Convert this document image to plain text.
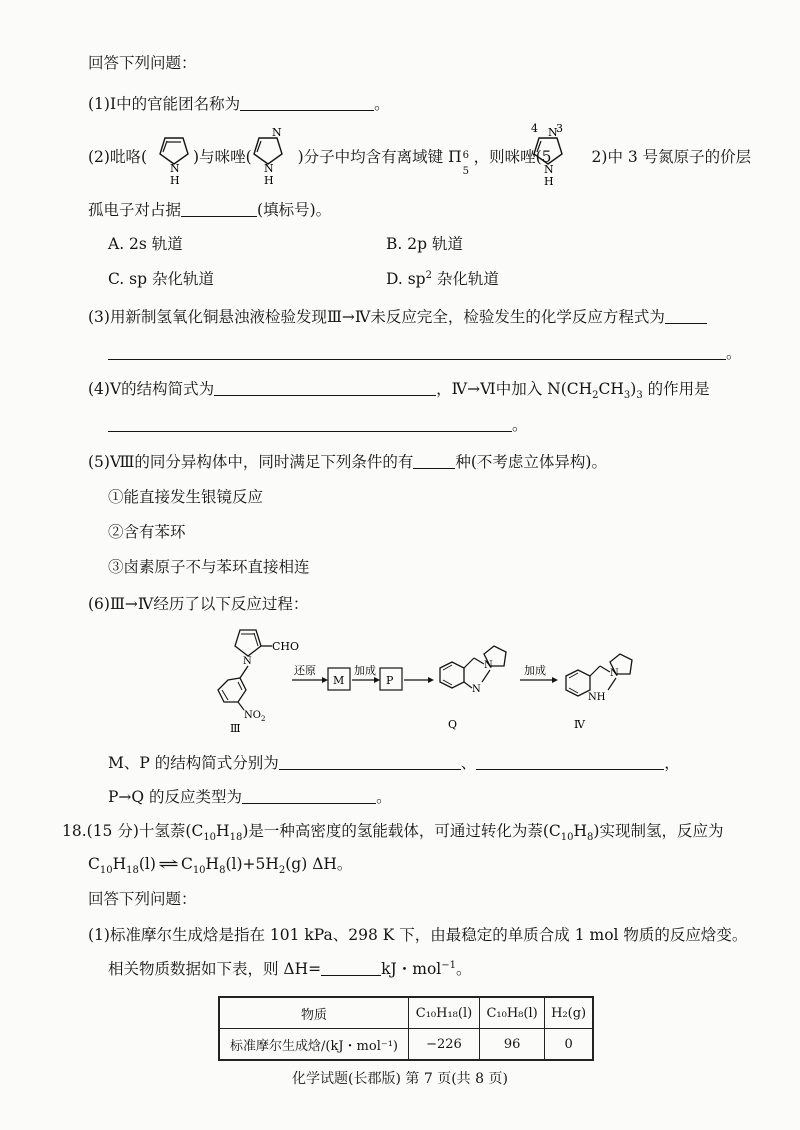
回答下列问题：
(1)Ⅰ中的官能团名称为	。
(2)吡咯(	)与咪唑(	)分子中均含有离域键 Π 6
5
，则咪唑(5	2)中 3 号氮原子的价层
N
H
N
N
H
4 3
N
N
H
孤电子对占据	(填标号)。
A. 2s 轨道	B. 2p 轨道
C. sp 杂化轨道	D. $sp^2$ 杂化轨道
(3)用新制氢氧化铜悬浊液检验发现Ⅲ→Ⅳ未反应完全，检验发生的化学反应方程式为
。
(4)Ⅴ的结构简式为	，Ⅳ→Ⅵ中加入 $N(CH_2CH_3)_3$ 的作用是
。
(5)Ⅷ的同分异构体中，同时满足下列条件的有	种(不考虑立体异构)。
①能直接发生银镜反应
②含有苯环
③卤素原子不与苯环直接相连
(6)Ⅲ→Ⅳ经历了以下反应过程：
CHO
N
$NO_2$
Ⅲ
还原
M
加成
P
N
N
Q
加成	N
NH
Ⅳ
M、P 的结构简式分别为	、	，
P→Q 的反应类型为	。
18.(15 分)十氢萘$(C_{10}H_{18})$是一种高密度的氢能载体，可通过转化为萘$(C_{10}H_8)$实现制氢，反应为
$C_{10}H_{18}(l)$ ⇌ $C_{10}H_8(l)+5H_2(g)$ ΔH。
回答下列问题：
(1)标准摩尔生成焓是指在 101 kPa、298 K 下，由最稳定的单质合成 1 mol 物质的反应焓变。
相关物质数据如下表，则 ΔH=	kJ・mol$^{-1}$。
物质	C₁₀H₁₈(l)	C₁₀H₈(l)	H₂(g)
标准摩尔生成焓/(kJ・mol⁻¹)	−226	96	0
化学试题(长郡版) 第 7 页(共 8 页)
